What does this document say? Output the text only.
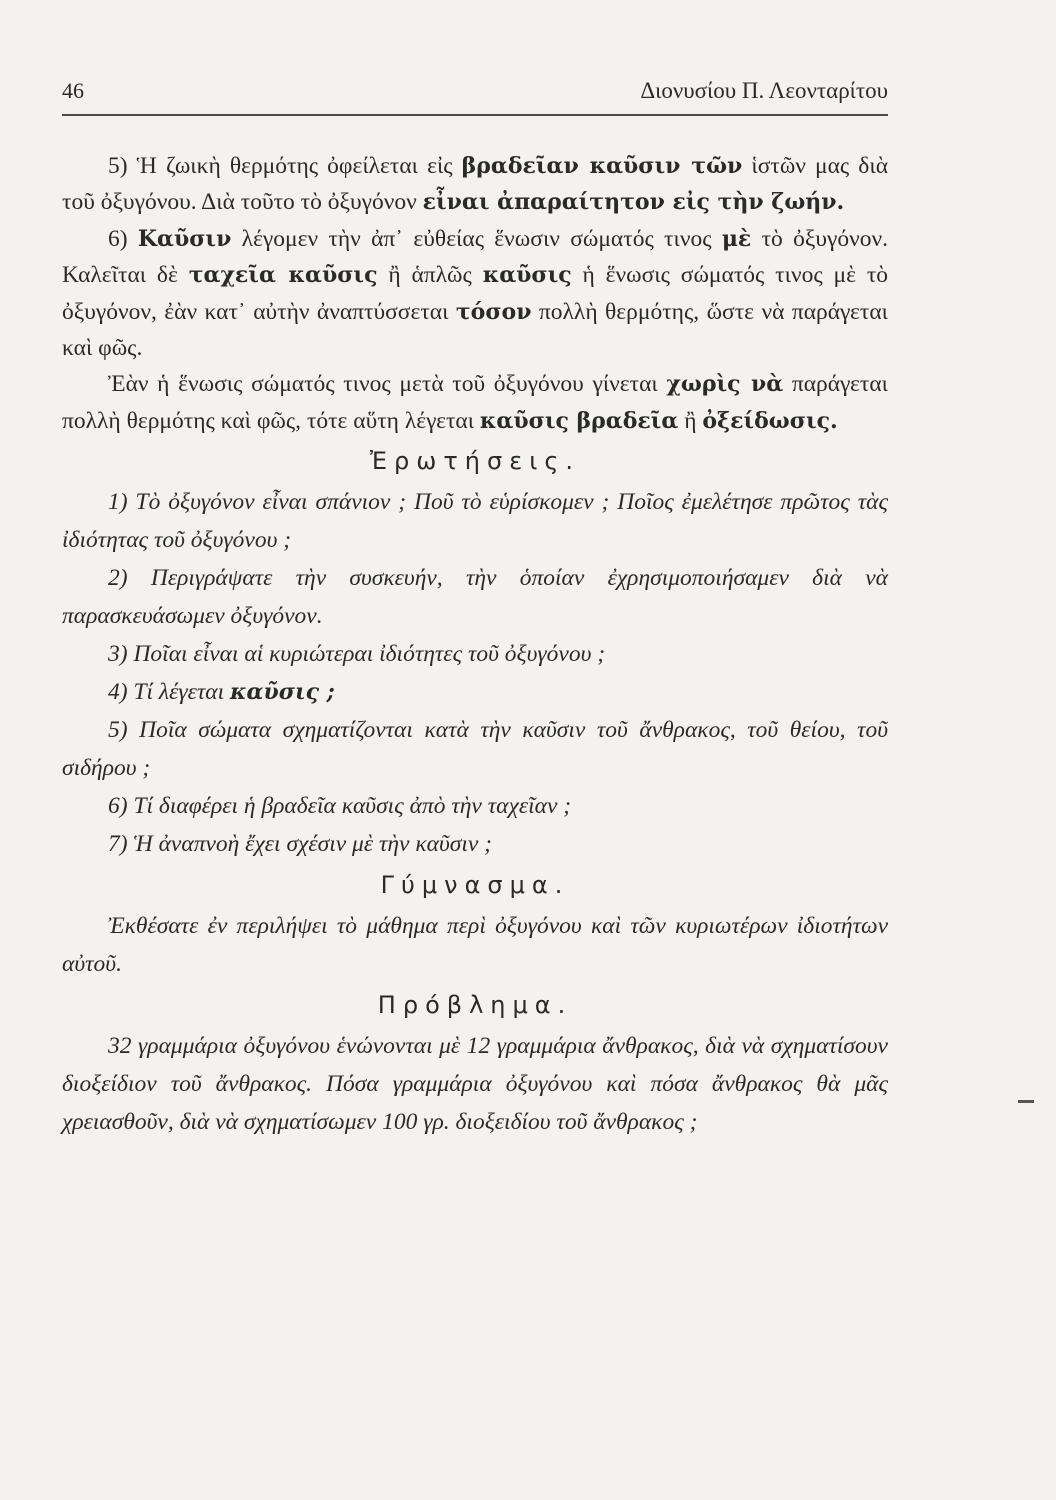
46	Διονυσίου Π. Λεονταρίτου

5) Ἡ ζωικὴ θερμότης ὀφείλεται εἰς βραδεῖαν καῦσιν τῶν ἱστῶν μας διὰ τοῦ ὀξυγόνου. Διὰ τοῦτο τὸ ὀξυγόνον εἶναι ἀπαραίτητον εἰς τὴν ζωήν.

6) Καῦσιν λέγομεν τὴν ἀπ᾽ εὐθείας ἕνωσιν σώματός τινος μὲ τὸ ὀξυγόνον. Καλεῖται δὲ ταχεῖα καῦσις ἢ ἁπλῶς καῦσις ἡ ἕνωσις σώματός τινος μὲ τὸ ὀξυγόνον, ἐὰν κατ᾽ αὐτὴν ἀναπτύσσεται τόσον πολλὴ θερμότης, ὥστε νὰ παράγεται καὶ φῶς.

Ἐὰν ἡ ἕνωσις σώματός τινος μετὰ τοῦ ὀξυγόνου γίνεται χωρὶς νὰ παράγεται πολλὴ θερμότης καὶ φῶς, τότε αὕτη λέγεται καῦσις βραδεῖα ἢ ὀξείδωσις.

Ἐρωτήσεις.

1) Τὸ ὀξυγόνον εἶναι σπάνιον ; Ποῦ τὸ εὑρίσκομεν ; Ποῖος ἐμελέτησε πρῶτος τὰς ἰδιότητας τοῦ ὀξυγόνου ;

2) Περιγράψατε τὴν συσκευήν, τὴν ὁποίαν ἐχρησιμοποιήσαμεν διὰ νὰ παρασκευάσωμεν ὀξυγόνον.

3) Ποῖαι εἶναι αἱ κυριώτεραι ἰδιότητες τοῦ ὀξυγόνου ;

4) Τί λέγεται καῦσις ;

5) Ποῖα σώματα σχηματίζονται κατὰ τὴν καῦσιν τοῦ ἄνθρακος, τοῦ θείου, τοῦ σιδήρου ;

6) Τί διαφέρει ἡ βραδεῖα καῦσις ἀπὸ τὴν ταχεῖαν ;

7) Ἡ ἀναπνοὴ ἔχει σχέσιν μὲ τὴν καῦσιν ;

Γύμνασμα.

Ἐκθέσατε ἐν περιλήψει τὸ μάθημα περὶ ὀξυγόνου καὶ τῶν κυριωτέρων ἰδιοτήτων αὐτοῦ.

Πρόβλημα.

32 γραμμάρια ὀξυγόνου ἑνώνονται μὲ 12 γραμμάρια ἄνθρακος, διὰ νὰ σχηματίσουν διοξείδιον τοῦ ἄνθρακος. Πόσα γραμμάρια ὀξυγόνου καὶ πόσα ἄνθρακος θὰ μᾶς χρειασθοῦν, διὰ νὰ σχηματίσωμεν 100 γρ. διοξειδίου τοῦ ἄνθρακος ;
